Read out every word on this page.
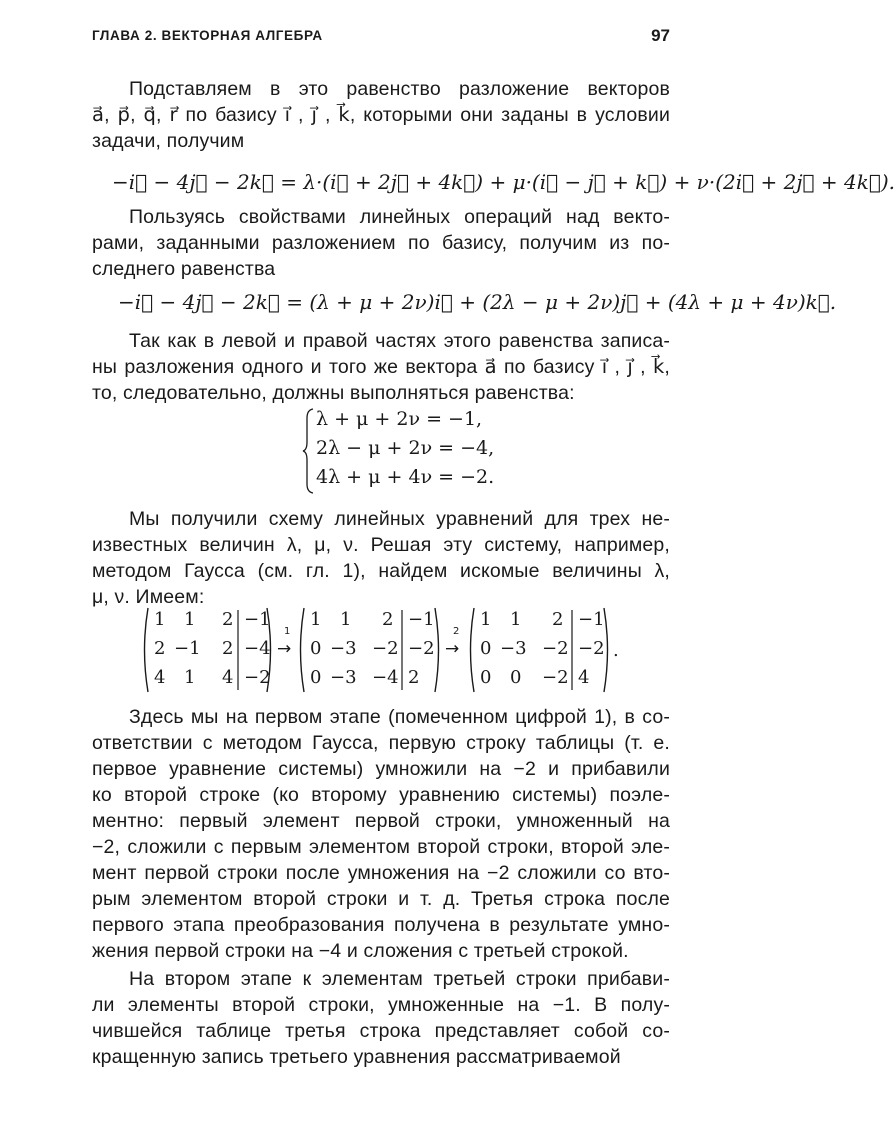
ГЛАВА 2. ВЕКТОРНАЯ АЛГЕБРА	97
Подставляем в это равенство разложение векторов
a⃗, p⃗, q⃗, r⃗ по базису i⃗ , j⃗ , k⃗, которыми они заданы в условии
задачи, получим
−i⃗ − 4j⃗ − 2k⃗ = λ·(i⃗ + 2j⃗ + 4k⃗) + μ·(i⃗ − j⃗ + k⃗) + ν·(2i⃗ + 2j⃗ + 4k⃗).
Пользуясь свойствами линейных операций над векто-
рами, заданными разложением по базису, получим из по-
следнего равенства
−i⃗ − 4j⃗ − 2k⃗ = (λ + μ + 2ν)i⃗ + (2λ − μ + 2ν)j⃗ + (4λ + μ + 4ν)k⃗.
Так как в левой и правой частях этого равенства записа-
ны разложения одного и того же вектора a⃗ по базису i⃗ , j⃗ , k⃗,
то, следовательно, должны выполняться равенства:
λ + μ + 2ν = −1,
2λ − μ + 2ν = −4,
4λ + μ + 4ν = −2.
Мы получили схему линейных уравнений для трех не-
известных величин λ, μ, ν. Решая эту систему, например,
методом Гаусса (см. гл. 1), найдем искомые величины λ,
μ, ν. Имеем:
1 1 2 −1
2 −1 2 −4
4 1 4 −2
1
→
1 1 2 −1
0 −3 −2 −2
0 −3 −4 2
2
→
1 1 2 −1
0 −3 −2 −2
0 0 −2 4
.
Здесь мы на первом этапе (помеченном цифрой 1), в со-
ответствии с методом Гаусса, первую строку таблицы (т. е.
первое уравнение системы) умножили на −2 и прибавили
ко второй строке (ко второму уравнению системы) поэле-
ментно: первый элемент первой строки, умноженный на
−2, сложили с первым элементом второй строки, второй эле-
мент первой строки после умножения на −2 сложили со вто-
рым элементом второй строки и т. д. Третья строка после
первого этапа преобразования получена в результате умно-
жения первой строки на −4 и сложения с третьей строкой.
На втором этапе к элементам третьей строки прибави-
ли элементы второй строки, умноженные на −1. В полу-
чившейся таблице третья строка представляет собой со-
кращенную запись третьего уравнения рассматриваемой
